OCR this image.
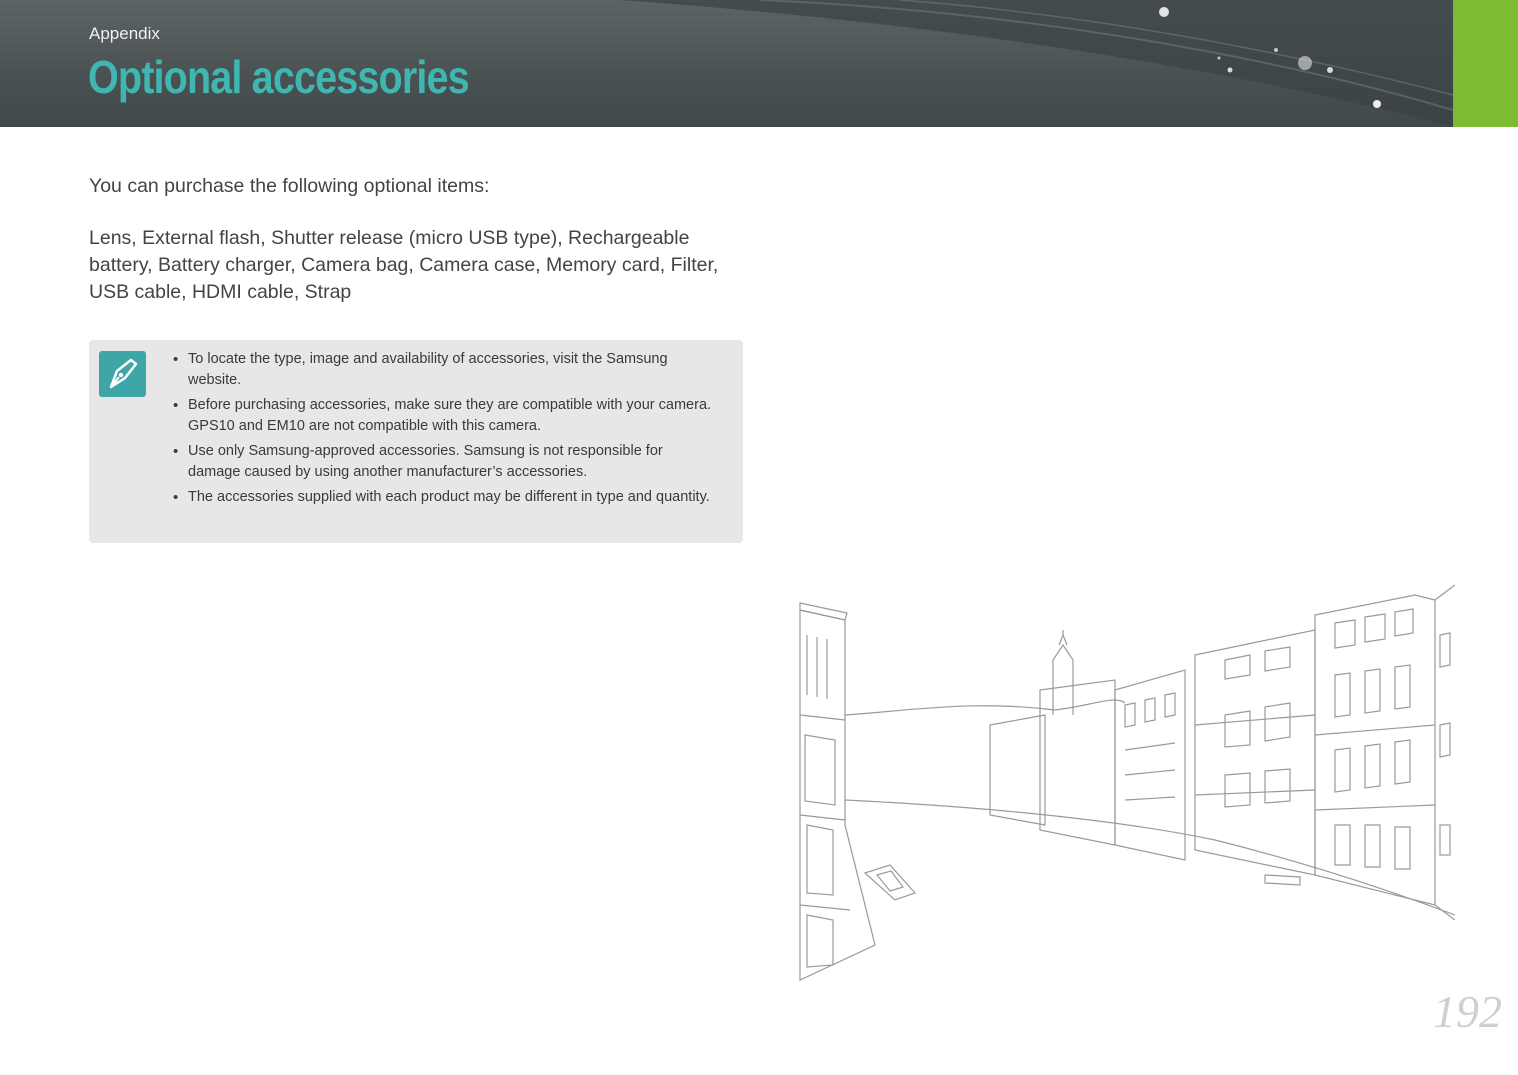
Appendix
Optional accessories
You can purchase the following optional items:
Lens, External flash, Shutter release (micro USB type), Rechargeable battery, Battery charger, Camera bag, Camera case, Memory card, Filter, USB cable, HDMI cable, Strap
• To locate the type, image and availability of accessories, visit the Samsung website.
• Before purchasing accessories, make sure they are compatible with your camera. GPS10 and EM10 are not compatible with this camera.
• Use only Samsung-approved accessories. Samsung is not responsible for damage caused by using another manufacturer’s accessories.
• The accessories supplied with each product may be different in type and quantity.
192
